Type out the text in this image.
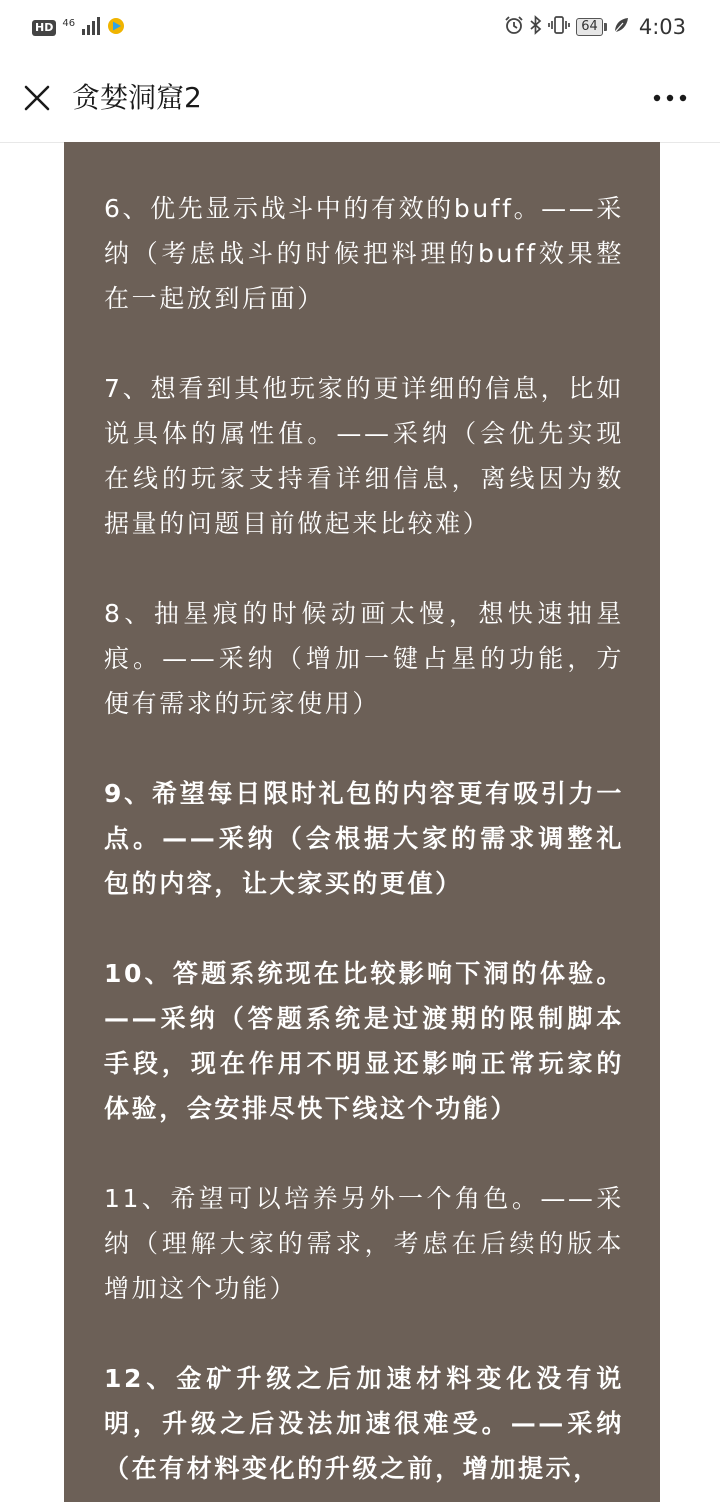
HD 46	64 4:03
贪婪洞窟2

6、优先显示战斗中的有效的buff。——采纳（考虑战斗的时候把料理的buff效果整在一起放到后面）

7、想看到其他玩家的更详细的信息，比如说具体的属性值。——采纳（会优先实现在线的玩家支持看详细信息，离线因为数据量的问题目前做起来比较难）

8、抽星痕的时候动画太慢，想快速抽星痕。——采纳（增加一键占星的功能，方便有需求的玩家使用）

9、希望每日限时礼包的内容更有吸引力一点。——采纳（会根据大家的需求调整礼包的内容，让大家买的更值）

10、答题系统现在比较影响下洞的体验。——采纳（答题系统是过渡期的限制脚本手段，现在作用不明显还影响正常玩家的体验，会安排尽快下线这个功能）

11、希望可以培养另外一个角色。——采纳（理解大家的需求，考虑在后续的版本增加这个功能）

12、金矿升级之后加速材料变化没有说明，升级之后没法加速很难受。——采纳（在有材料变化的升级之前，增加提示，
